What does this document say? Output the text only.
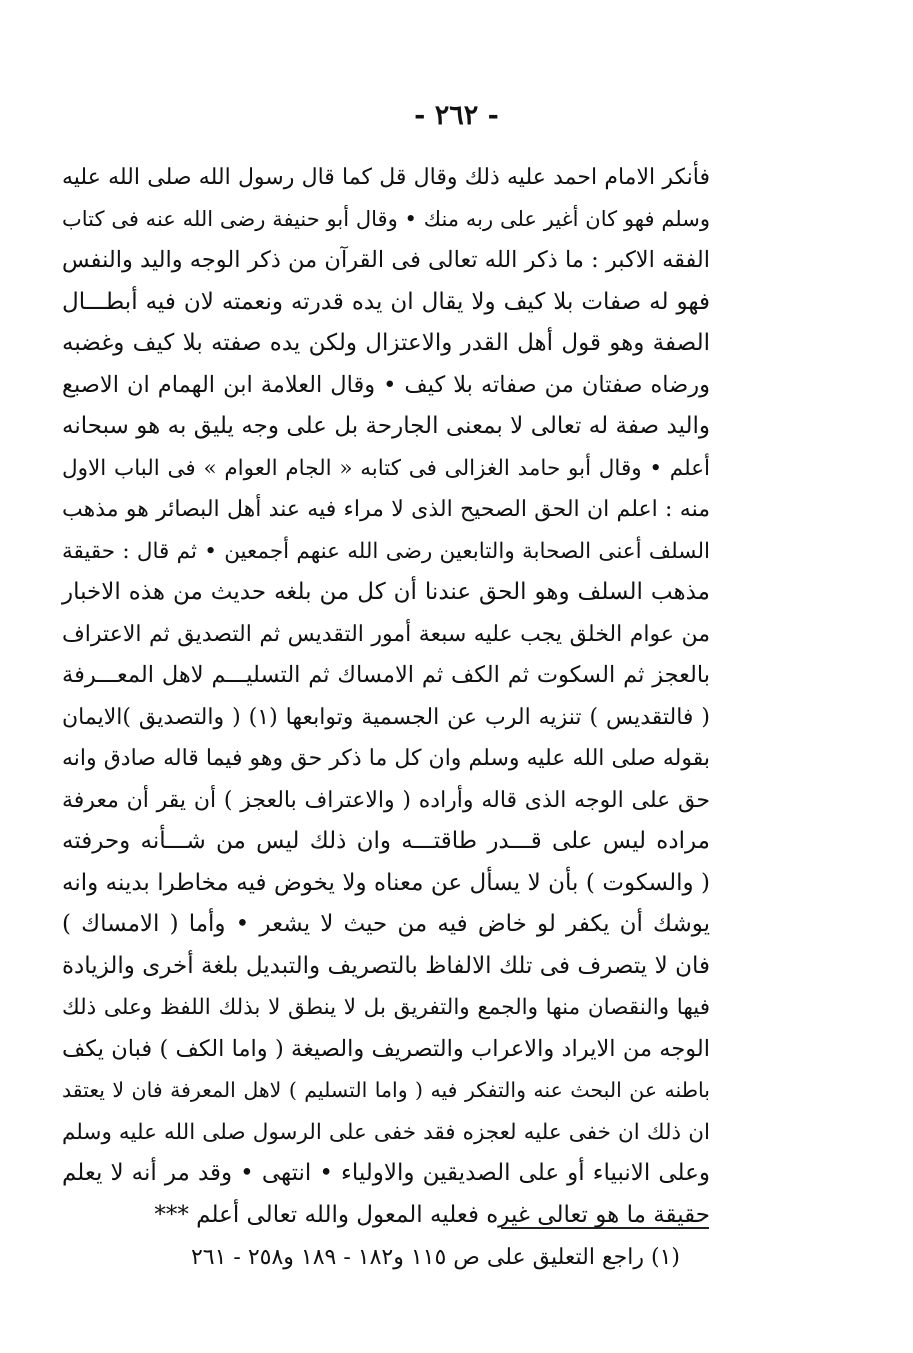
- ٢٦٢ -
فأنكر الامام احمد عليه ذلك وقال قل كما قال رسول الله صلى الله عليه
وسلم فهو كان أغير على ربه منك • وقال أبو حنيفة رضى الله عنه فى كتاب
الفقه الاكبر : ما ذكر الله تعالى فى القرآن من ذكر الوجه واليد والنفس
فهو له صفات بلا كيف ولا يقال ان يده قدرته ونعمته لان فيه أبطـــال
الصفة وهو قول أهل القدر والاعتزال ولكن يده صفته بلا كيف وغضبه
ورضاه صفتان من صفاته بلا كيف • وقال العلامة ابن الهمام ان الاصبع
واليد صفة له تعالى لا بمعنى الجارحة بل على وجه يليق به هو سبحانه
أعلم • وقال أبو حامد الغزالى فى كتابه « الجام العوام » فى الباب الاول
منه : اعلم ان الحق الصحيح الذى لا مراء فيه عند أهل البصائر هو مذهب
السلف أعنى الصحابة والتابعين رضى الله عنهم أجمعين • ثم قال : حقيقة
مذهب السلف وهو الحق عندنا أن كل من بلغه حديث من هذه الاخبار
من عوام الخلق يجب عليه سبعة أمور التقديس ثم التصديق ثم الاعتراف
بالعجز ثم السكوت ثم الكف ثم الامساك ثم التسليـــم لاهل المعـــرفة
( فالتقديس ) تنزيه الرب عن الجسمية وتوابعها (١) ( والتصديق )الايمان
بقوله صلى الله عليه وسلم وان كل ما ذكر حق وهو فيما قاله صادق وانه
حق على الوجه الذى قاله وأراده ( والاعتراف بالعجز ) أن يقر أن معرفة
مراده ليس على قـــدر طاقتـــه وان ذلك ليس من شـــأنه وحرفته
( والسكوت ) بأن لا يسأل عن معناه ولا يخوض فيه مخاطرا بدينه وانه
يوشك أن يكفر لو خاض فيه من حيث لا يشعر • وأما ( الامساك )
فان لا يتصرف فى تلك الالفاظ بالتصريف والتبديل بلغة أخرى والزيادة
فيها والنقصان منها والجمع والتفريق بل لا ينطق لا بذلك اللفظ وعلى ذلك
الوجه من الايراد والاعراب والتصريف والصيغة ( واما الكف ) فبان يكف
باطنه عن البحث عنه والتفكر فيه ( واما التسليم ) لاهل المعرفة فان لا يعتقد
ان ذلك ان خفى عليه لعجزه فقد خفى على الرسول صلى الله عليه وسلم
وعلى الانبياء أو على الصديقين والاولياء • انتهى • وقد مر أنه لا يعلم
حقيقة ما هو تعالى غيره فعليه المعول والله تعالى أعلم ***
(١) راجع التعليق على ص ١١٥ و١٨٢ - ١٨٩ و٢٥٨ - ٢٦١
